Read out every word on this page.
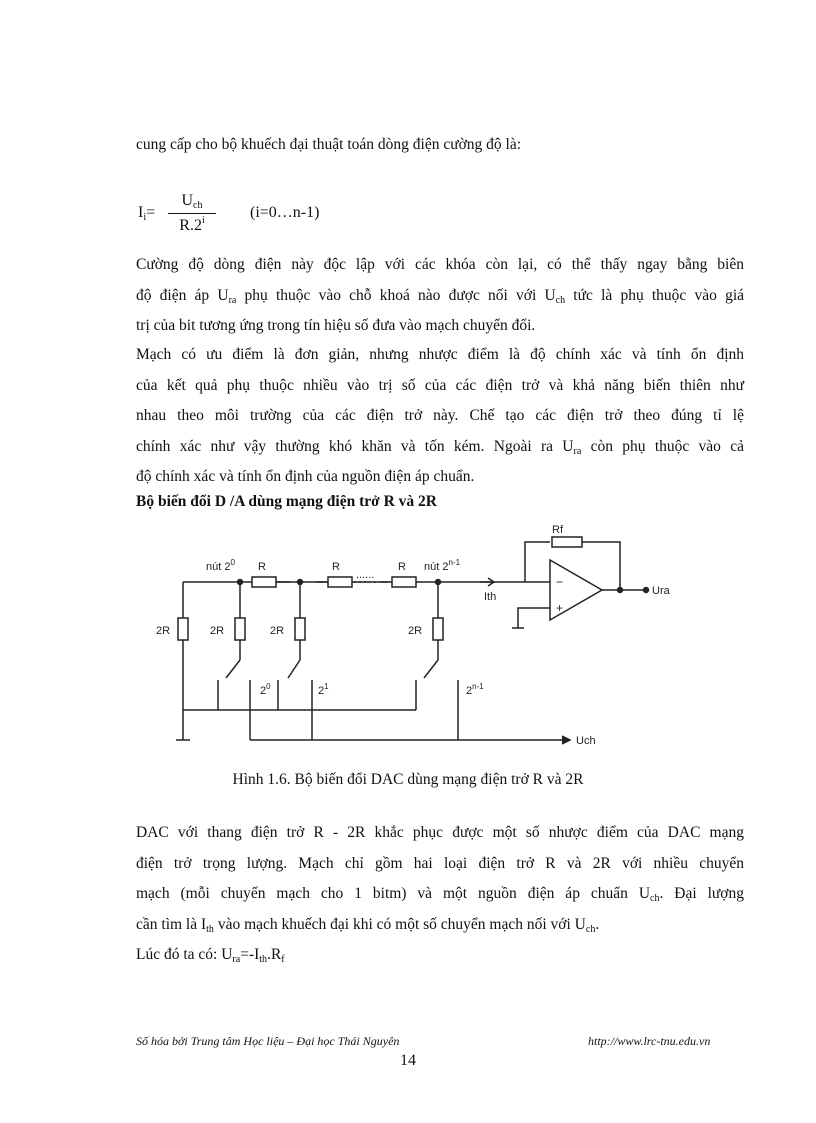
cung cấp cho bộ khuếch đại thuật toán dòng điện cường độ là:
$I_i=$
$U_{ch}$
R.2$^i$	(i=0…n-1)
Cường độ dòng điện này độc lập với các khóa còn lại, có thể thấy ngay bằng biên
độ điện áp $U_{ra}$ phụ thuộc vào chỗ khoá nào được nối với $U_{ch}$ tức là phụ thuộc vào giá
trị của bit tương ứng trong tín hiệu số đưa vào mạch chuyển đổi.
Mạch có ưu điểm là đơn giản, nhưng nhược điểm là độ chính xác và tính ổn định
của kết quả phụ thuộc nhiều vào trị số của các điện trở và khả năng biến thiên như
nhau theo môi trường của các điện trở này. Chế tạo các điện trở theo đúng tỉ lệ
chính xác như vậy thường khó khăn và tốn kém. Ngoài ra $U_{ra}$ còn phụ thuộc vào cả
độ chính xác và tính ổn định của nguồn điện áp chuẩn.
Bộ biến đổi D /A dùng mạng điện trở R và 2R
Rf
nút $2^0$	nút 2$^{n-1}$
R	R	R
......
2R	2R	2R	2R
Ith
−
+
Ura
Uch
$2^0$	$2^1$	2$^{n-1}$
Hình 1.6. Bộ biến đổi DAC dùng mạng điện trở R và 2R
DAC với thang điện trở R - 2R khắc phục được một số nhược điểm của DAC mạng
điện trở trọng lượng. Mạch chỉ gồm hai loại điện trở R và 2R với nhiều chuyển
mạch (mỗi chuyển mạch cho 1 bitm) và một nguồn điện áp chuẩn $U_{ch}$. Đại lượng
cần tìm là $I_{th}$ vào mạch khuếch đại khi có một số chuyển mạch nối với $U_{ch}$.
Lúc đó ta có: $U_{ra}=-I_{th}.R_f$
Số hóa bởi Trung tâm Học liệu – Đại học Thái Nguyên
14
http://www.lrc-tnu.edu.vn
